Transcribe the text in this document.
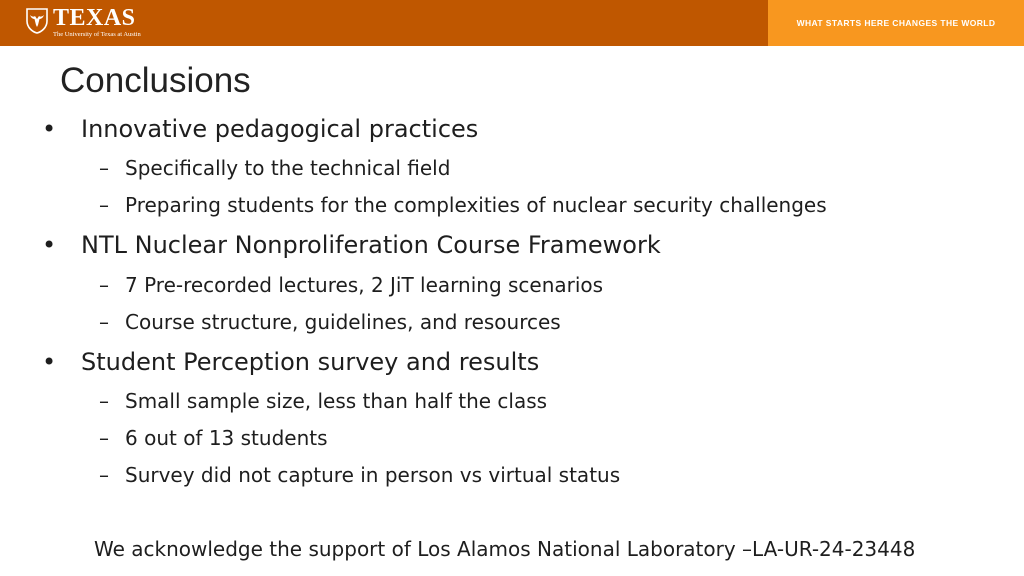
TEXAS
The University of Texas at Austin
WHAT STARTS HERE CHANGES THE WORLD
Conclusions
• Innovative pedagogical practices
– Specifically to the technical field
– Preparing students for the complexities of nuclear security challenges
• NTL Nuclear Nonproliferation Course Framework
– 7 Pre-recorded lectures, 2 JiT learning scenarios
– Course structure, guidelines, and resources
• Student Perception survey and results
– Small sample size, less than half the class
– 6 out of 13 students
– Survey did not capture in person vs virtual status
We acknowledge the support of Los Alamos National Laboratory –LA-UR-24-23448
